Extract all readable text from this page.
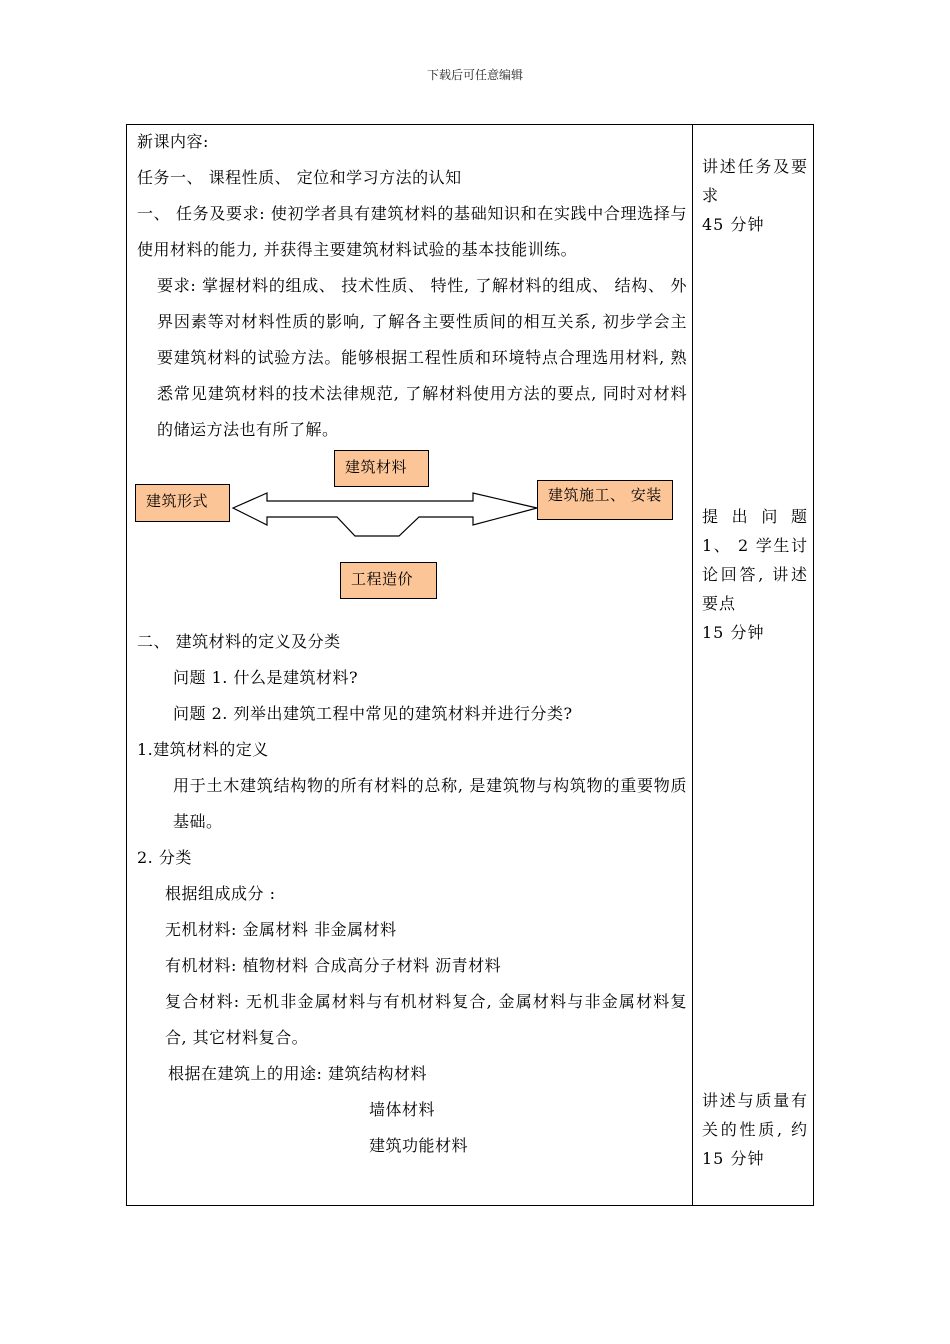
下载后可任意编辑

新课内容:

任务一、 课程性质、 定位和学习方法的认知

一、 任务及要求: 使初学者具有建筑材料的基础知识和在实践中合理选择与使用材料的能力, 并获得主要建筑材料试验的基本技能训练。

要求: 掌握材料的组成、 技术性质、 特性, 了解材料的组成、 结构、 外界因素等对材料性质的影响, 了解各主要性质间的相互关系, 初步学会主要建筑材料的试验方法。能够根据工程性质和环境特点合理选用材料, 熟悉常见建筑材料的技术法律规范, 了解材料使用方法的要点, 同时对材料的储运方法也有所了解。

建筑材料
建筑形式	建筑施工、 安装
工程造价

二、 建筑材料的定义及分类

问题 1. 什么是建筑材料?

问题 2. 列举出建筑工程中常见的建筑材料并进行分类?

1.建筑材料的定义

用于土木建筑结构物的所有材料的总称, 是建筑物与构筑物的重要物质基础。

2. 分类

根据组成成分 :

无机材料: 金属材料 非金属材料

有机材料: 植物材料 合成高分子材料 沥青材料

复合材料: 无机非金属材料与有机材料复合, 金属材料与非金属材料复合, 其它材料复合。

根据在建筑上的用途: 建筑结构材料

墙体材料

建筑功能材料

讲述任务及要求

45 分钟

提 出 问 题

1、 2 学生讨论回答, 讲述要点

15 分钟

讲述与质量有关的性质, 约 15 分钟
